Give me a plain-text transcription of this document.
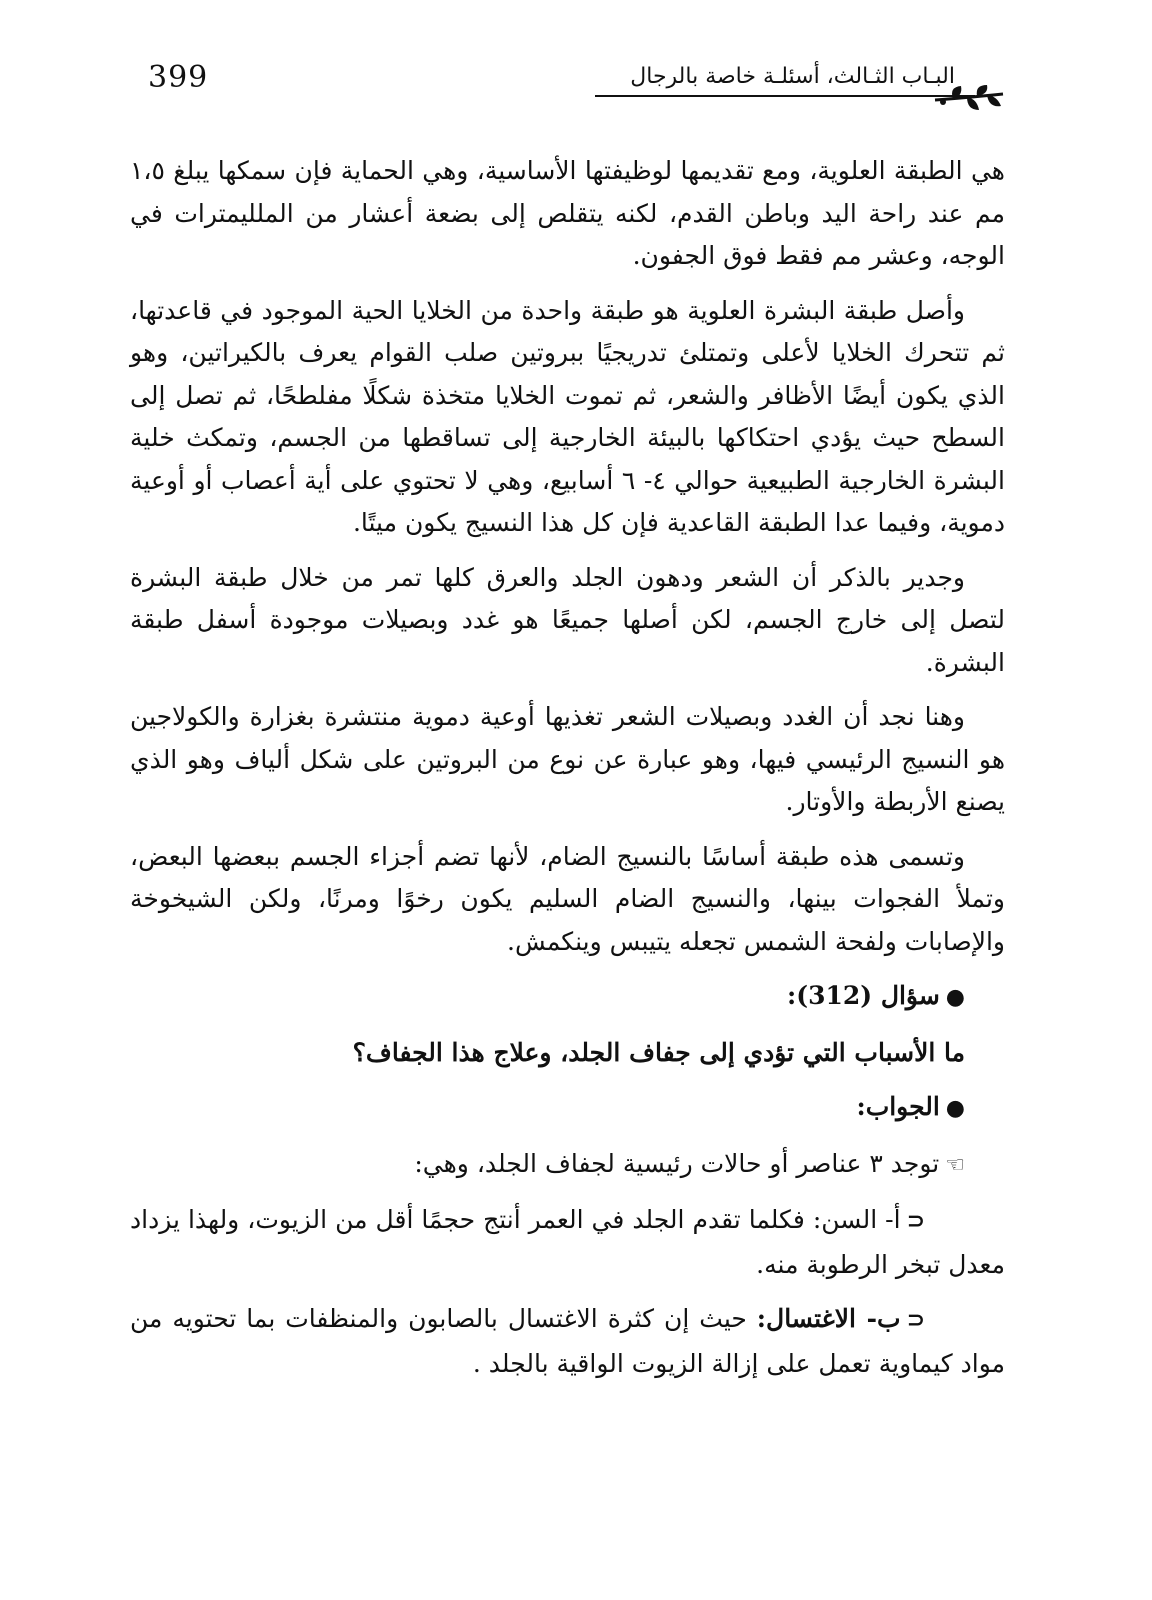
399	البـاب الثـالث، أسئلـة خاصة بالرجال

هي الطبقة العلوية، ومع تقديمها لوظيفتها الأساسية، وهي الحماية فإن سمكها يبلغ ١،٥ مم عند راحة اليد وباطن القدم، لكنه يتقلص إلى بضعة أعشار من الملليمترات في الوجه، وعشر مم فقط فوق الجفون.

وأصل طبقة البشرة العلوية هو طبقة واحدة من الخلايا الحية الموجود في قاعدتها، ثم تتحرك الخلايا لأعلى وتمتلئ تدريجيًا ببروتين صلب القوام يعرف بالكيراتين، وهو الذي يكون أيضًا الأظافر والشعر، ثم تموت الخلايا متخذة شكلًا مفلطحًا، ثم تصل إلى السطح حيث يؤدي احتكاكها بالبيئة الخارجية إلى تساقطها من الجسم، وتمكث خلية البشرة الخارجية الطبيعية حوالي ٤- ٦ أسابيع، وهي لا تحتوي على أية أعصاب أو أوعية دموية، وفيما عدا الطبقة القاعدية فإن كل هذا النسيج يكون ميتًا.

وجدير بالذكر أن الشعر ودهون الجلد والعرق كلها تمر من خلال طبقة البشرة لتصل إلى خارج الجسم، لكن أصلها جميعًا هو غدد وبصيلات موجودة أسفل طبقة البشرة.

وهنا نجد أن الغدد وبصيلات الشعر تغذيها أوعية دموية منتشرة بغزارة والكولاجين هو النسيج الرئيسي فيها، وهو عبارة عن نوع من البروتين على شكل ألياف وهو الذي يصنع الأربطة والأوتار.

وتسمى هذه طبقة أساسًا بالنسيج الضام، لأنها تضم أجزاء الجسم ببعضها البعض، وتملأ الفجوات بينها، والنسيج الضام السليم يكون رخوًا ومرنًا، ولكن الشيخوخة والإصابات ولفحة الشمس تجعله يتيبس وينكمش.

●سؤال (312):

ما الأسباب التي تؤدي إلى جفاف الجلد، وعلاج هذا الجفاف؟

●الجواب:

☜توجد ٣ عناصر أو حالات رئيسية لجفاف الجلد، وهي:

⊂أ- السن: فكلما تقدم الجلد في العمر أنتج حجمًا أقل من الزيوت، ولهذا يزداد معدل تبخر الرطوبة منه.

⊂ب- الاغتسال: حيث إن كثرة الاغتسال بالصابون والمنظفات بما تحتويه من مواد كيماوية تعمل على إزالة الزيوت الواقية بالجلد .
